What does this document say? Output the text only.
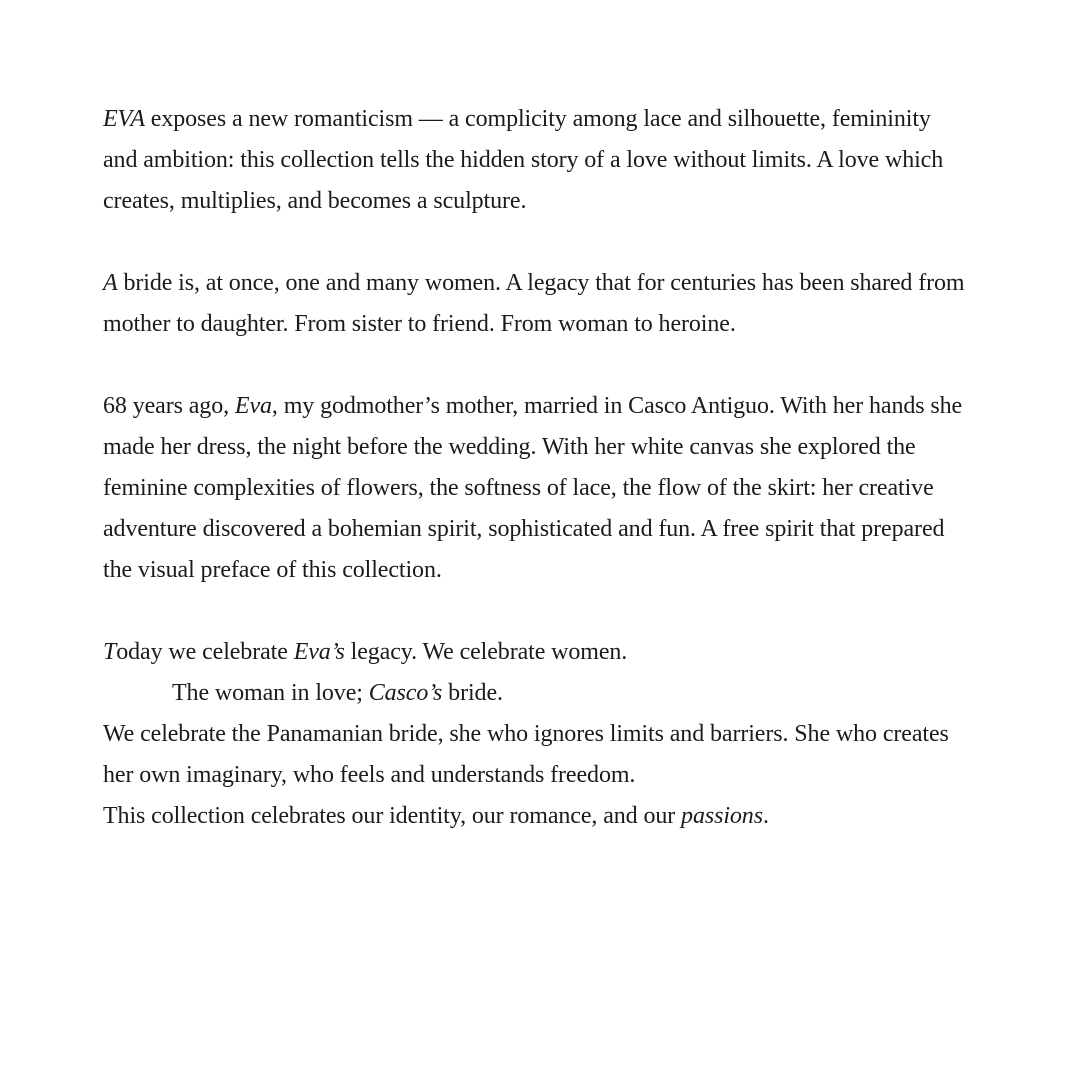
EVA exposes a new romanticism — a complicity among lace and silhouette, femininity
and ambition: this collection tells the hidden story of a love without limits. A love which
creates, multiplies, and becomes a sculpture.
A bride is, at once, one and many women. A legacy that for centuries has been shared from
mother to daughter. From sister to friend. From woman to heroine.
68 years ago, Eva, my godmother’s mother, married in Casco Antiguo. With her hands she
made her dress, the night before the wedding. With her white canvas she explored the
feminine complexities of flowers, the softness of lace, the flow of the skirt: her creative
adventure discovered a bohemian spirit, sophisticated and fun. A free spirit that prepared
the visual preface of this collection.
Today we celebrate Eva’s legacy. We celebrate women.
The woman in love; Casco’s bride.
We celebrate the Panamanian bride, she who ignores limits and barriers. She who creates
her own imaginary, who feels and understands freedom.
This collection celebrates our identity, our romance, and our passions.
